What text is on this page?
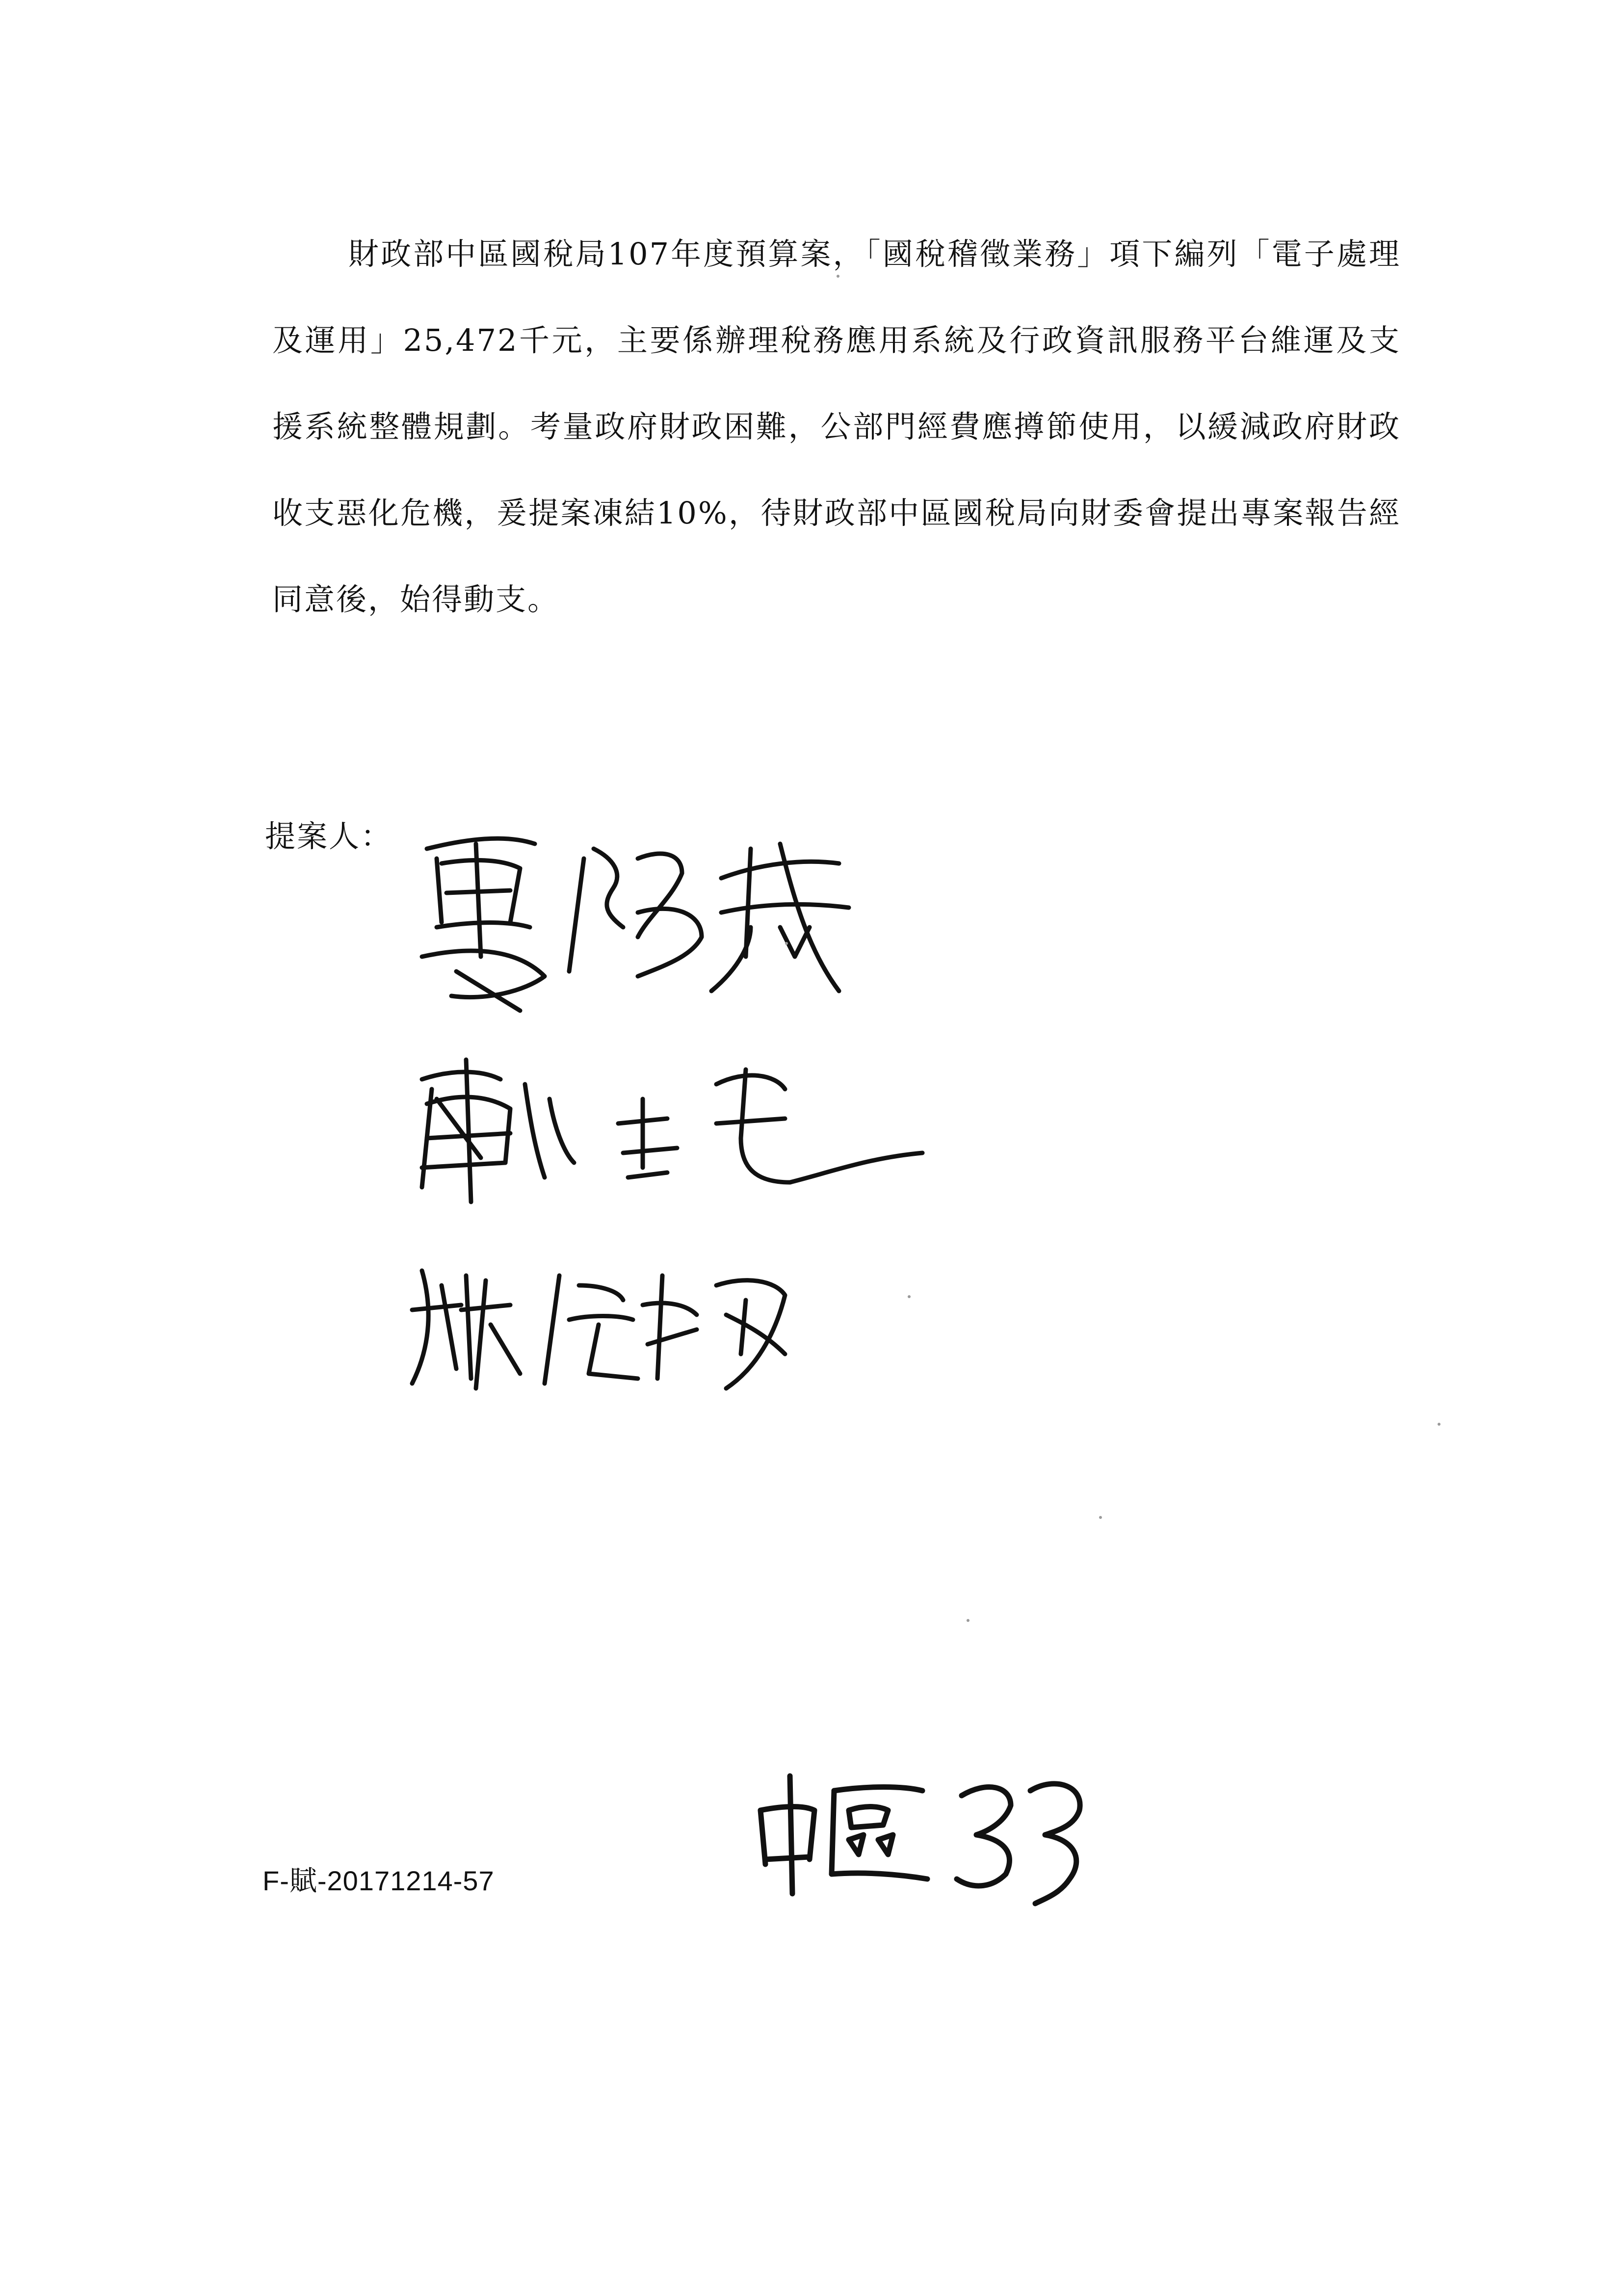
財政部中區國稅局107年度預算案，「國稅稽徵業務」項下編列「電子處理及運用」25,472千元，主要係辦理稅務應用系統及行政資訊服務平台維運及支援系統整體規劃。考量政府財政困難，公部門經費應撙節使用，以緩減政府財政收支惡化危機，爰提案凍結10%，待財政部中區國稅局向財委會提出專案報告經同意後，始得動支。

提案人：
F-賦-20171214-57
